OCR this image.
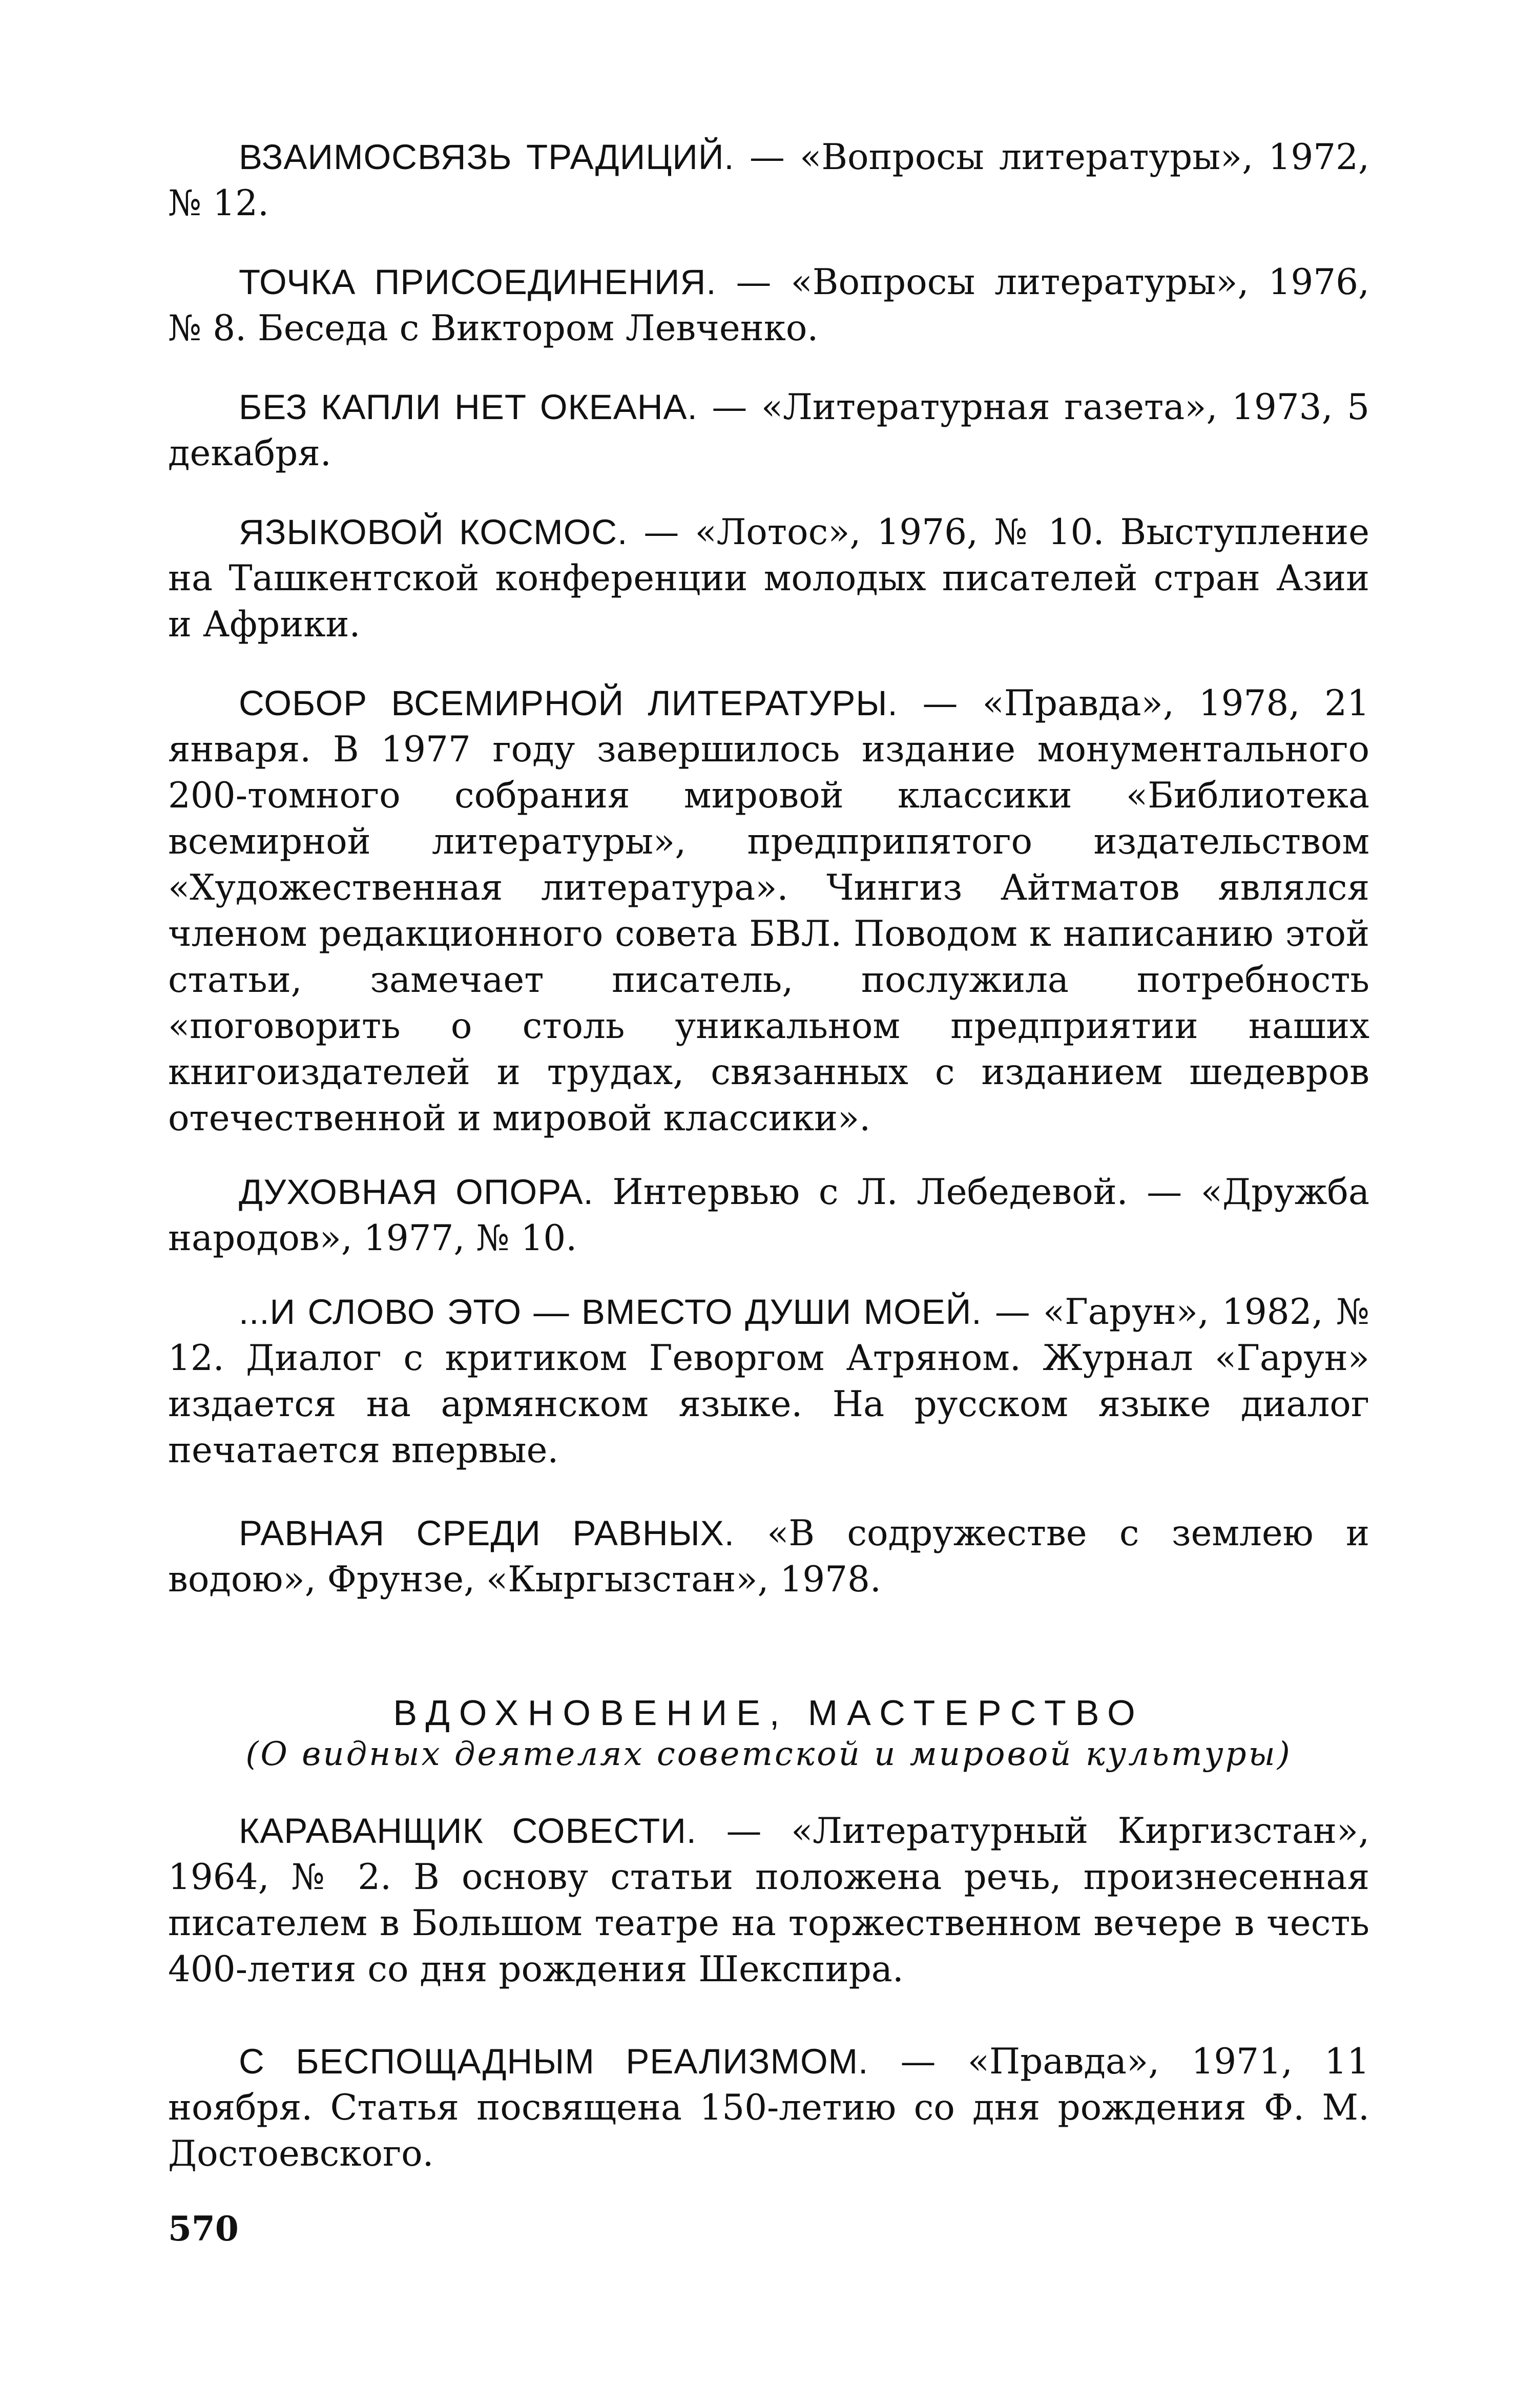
ВЗАИМОСВЯЗЬ ТРАДИЦИЙ. — «Вопросы литературы», 1972, № 12.

ТОЧКА ПРИСОЕДИНЕНИЯ. — «Вопросы литературы», 1976, № 8. Беседа с Виктором Левченко.

БЕЗ КАПЛИ НЕТ ОКЕАНА. — «Литературная газета», 1973, 5 декабря.

ЯЗЫКОВОЙ КОСМОС. — «Лотос», 1976, № 10. Выступление на Ташкентской конференции молодых писателей стран Азии и Африки.

СОБОР ВСЕМИРНОЙ ЛИТЕРАТУРЫ. — «Правда», 1978, 21 января. В 1977 году завершилось издание монументального 200-томного собрания мировой классики «Библиотека всемирной литературы», предприпятого издательством «Художественная литература». Чингиз Айтматов являлся членом редакционного совета БВЛ. Поводом к написанию этой статьи, замечает писатель, послужила потребность «поговорить о столь уникальном предприятии наших книгоиздателей и трудах, связанных с изданием шедевров отечественной и мировой классики».

ДУХОВНАЯ ОПОРА. Интервью с Л. Лебедевой. — «Дружба народов», 1977, № 10.

...И СЛОВО ЭТО — ВМЕСТО ДУШИ МОЕЙ. — «Гарун», 1982, № 12. Диалог с критиком Геворгом Атряном. Журнал «Гарун» издается на армянском языке. На русском языке диалог печатается впервые.

РАВНАЯ СРЕДИ РАВНЫХ. «В содружестве с землею и водою», Фрунзе, «Кыргызстан», 1978.

ВДОХНОВЕНИЕ, МАСТЕРСТВО
(О видных деятелях советской и мировой культуры)

КАРАВАНЩИК СОВЕСТИ. — «Литературный Киргизстан», 1964, № 2. В основу статьи положена речь, произнесенная писателем в Большом театре на торжественном вечере в честь 400-летия со дня рождения Шекспира.

С БЕСПОЩАДНЫМ РЕАЛИЗМОМ. — «Правда», 1971, 11 ноября. Статья посвящена 150-летию со дня рождения Ф. М. Достоевского.

570
